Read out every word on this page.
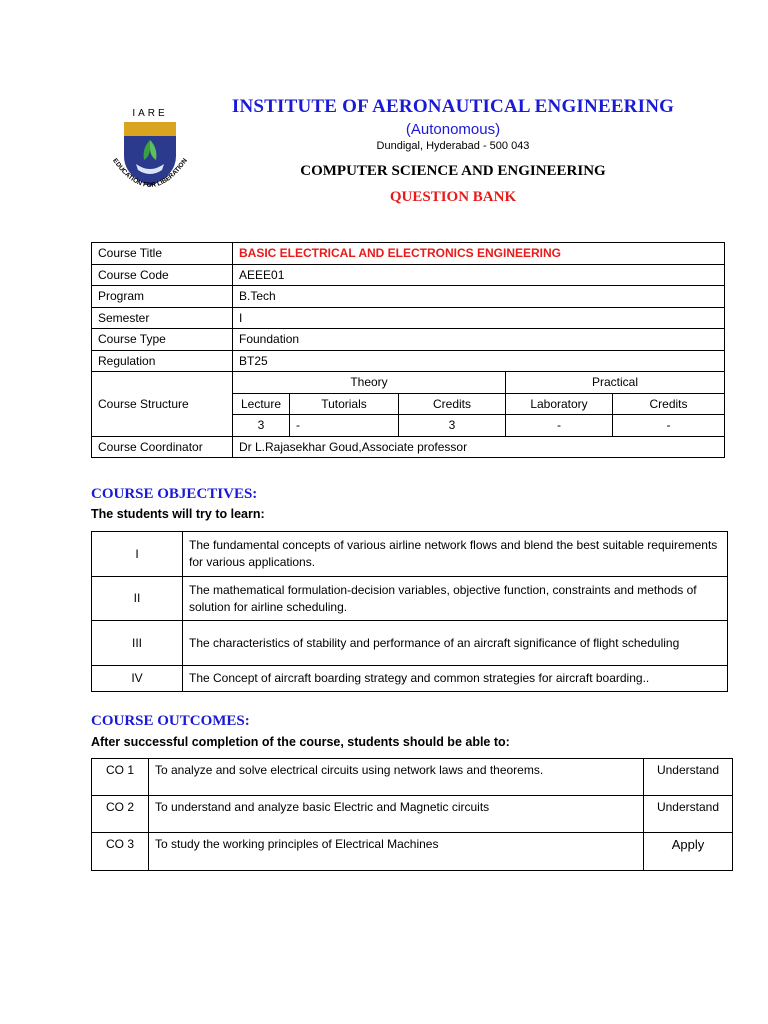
IARE
EDUCATION FOR LIBERATION
INSTITUTE OF AERONAUTICAL ENGINEERING
(Autonomous)
Dundigal, Hyderabad - 500 043
COMPUTER SCIENCE AND ENGINEERING
QUESTION BANK
Course Title	BASIC ELECTRICAL AND ELECTRONICS ENGINEERING				
Course Code	AEEE01				
Program	B.Tech				
Semester	I				
Course Type	Foundation				
Regulation	BT25				
Course Structure	Theory			Practical	
	Lecture	Tutorials	Credits	Laboratory	Credits
	3	-	3	-	-
Course Coordinator	Dr L.Rajasekhar Goud,Associate professor				
COURSE OBJECTIVES:
The students will try to learn:
I	The fundamental concepts of various airline network flows and blend the best suitable requirements for various applications.
II	The mathematical formulation-decision variables, objective function, constraints and methods of solution for airline scheduling.
III	The characteristics of stability and performance of an aircraft significance of flight scheduling
IV	The Concept of aircraft boarding strategy and common strategies for aircraft boarding..
COURSE OUTCOMES:
After successful completion of the course, students should be able to:
CO 1	To analyze and solve electrical circuits using network laws and theorems.	Understand
CO 2	To understand and analyze basic Electric and Magnetic circuits	Understand
CO 3	To study the working principles of Electrical Machines	Apply
